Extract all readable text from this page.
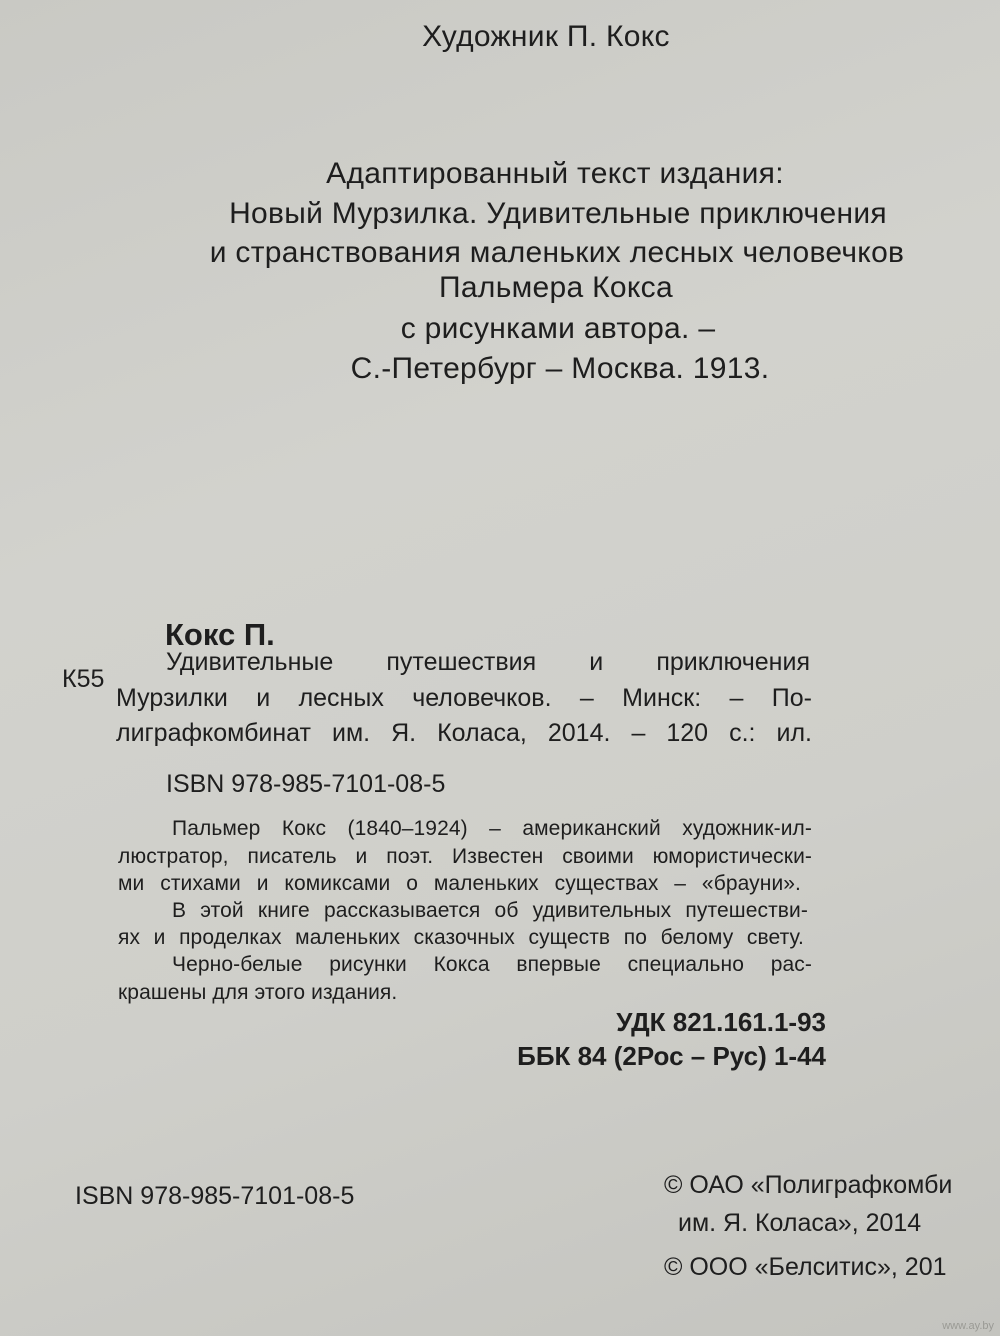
Художник П. Кокс
Адаптированный текст издания:
Новый Мурзилка. Удивительные приключения
и странствования маленьких лесных человечков
Пальмера Кокса
с рисунками автора. –
С.-Петербург – Москва. 1913.
Кокс П.
К55
Удивительные путешествия и приключения
Мурзилки и лесных человечков. – Минск: – По-
лиграфкомбинат им. Я. Коласа, 2014. – 120 с.: ил.
ISBN 978-985-7101-08-5
Пальмер Кокс (1840–1924) – американский художник-ил-
люстратор, писатель и поэт. Известен своими юмористически-
ми стихами и комиксами о маленьких существах – «брауни».
В этой книге рассказывается об удивительных путешестви-
ях и проделках маленьких сказочных существ по белому свету.
Черно-белые рисунки Кокса впервые специально рас-
крашены для этого издания.
УДК 821.161.1-93
ББК 84 (2Рос – Рус) 1-44
ISBN 978-985-7101-08-5	© ОАО «Полиграфкомби
им. Я. Коласа», 2014
© ООО «Белситис», 201
www.ay.by
